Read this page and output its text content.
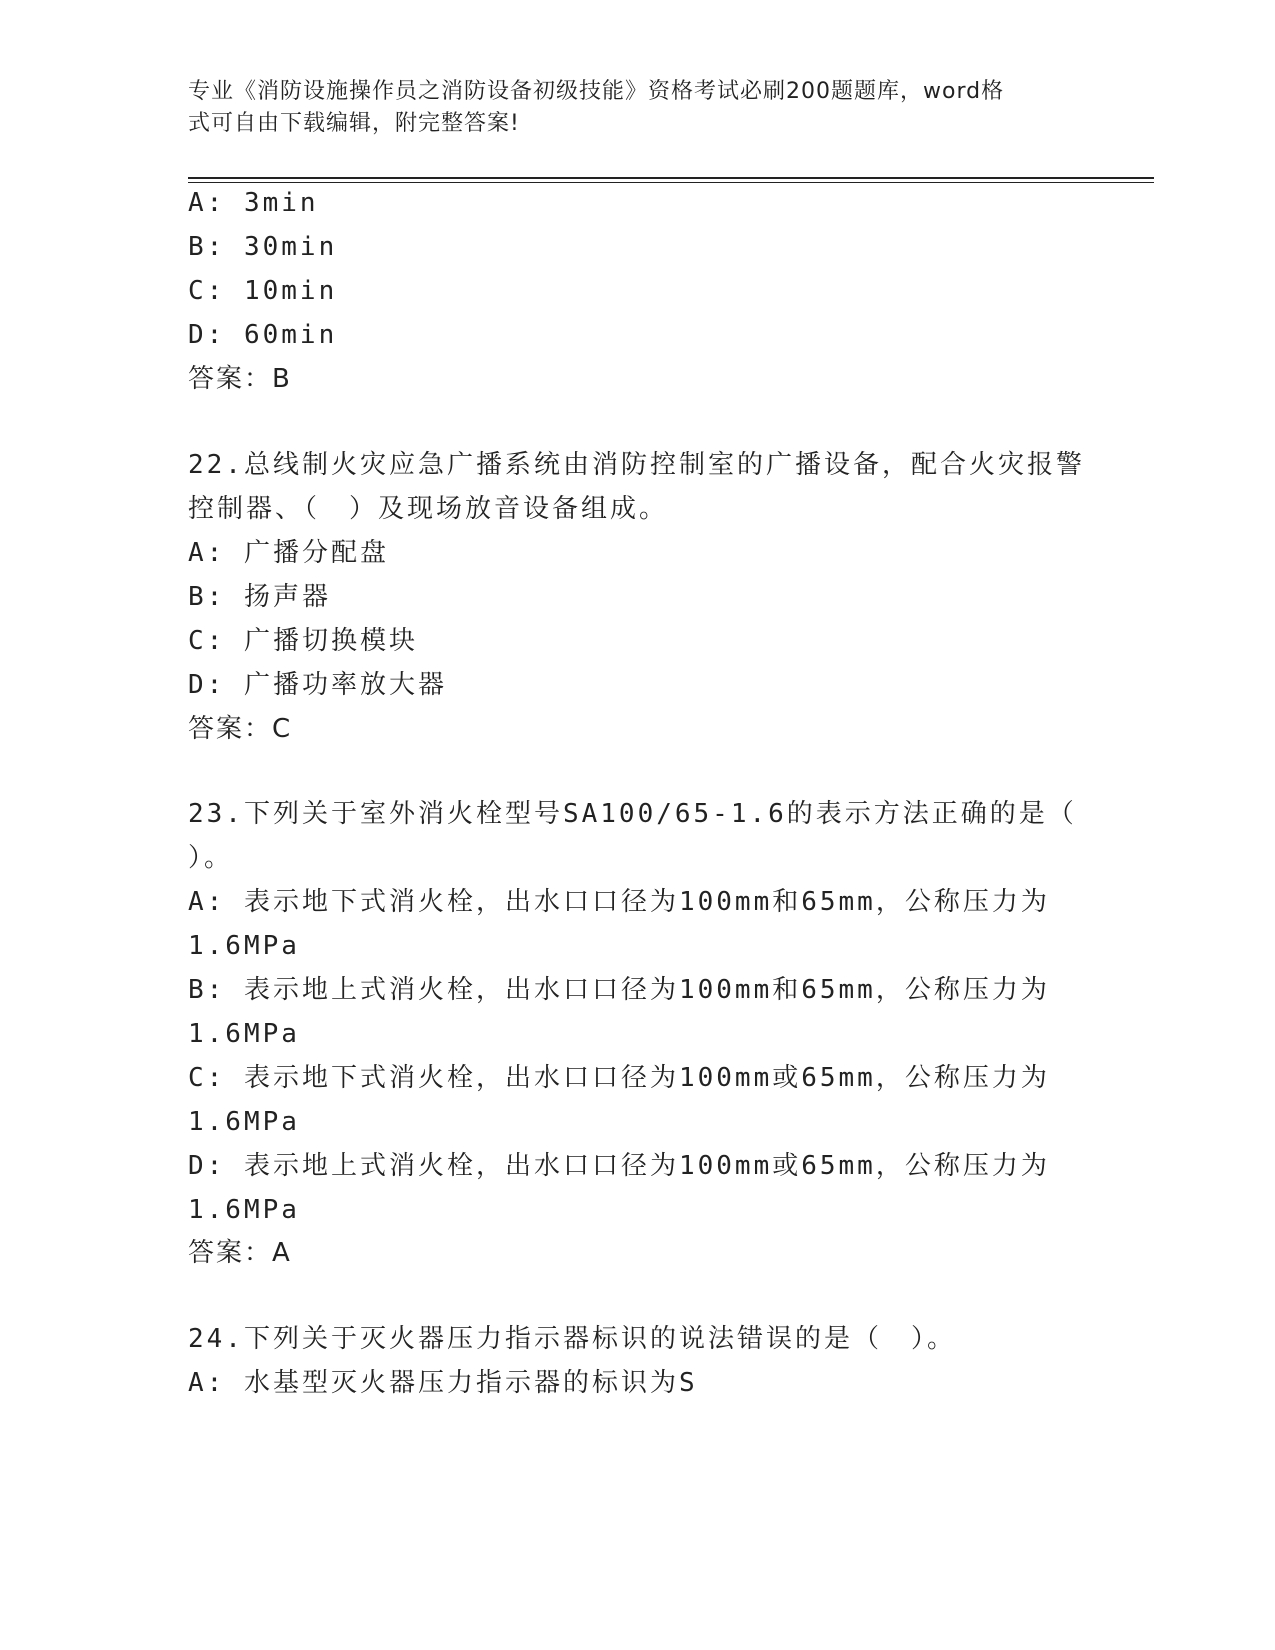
专业《消防设施操作员之消防设备初级技能》资格考试必刷200题题库，word格
式可自由下载编辑，附完整答案!
A: 3min
B: 30min
C: 10min
D: 60min
答案：B
22.总线制火灾应急广播系统由消防控制室的广播设备，配合火灾报警
控制器、（　）及现场放音设备组成。
A: 广播分配盘
B: 扬声器
C: 广播切换模块
D: 广播功率放大器
答案：C
23.下列关于室外消火栓型号SA100/65-1.6的表示方法正确的是（
）。
A: 表示地下式消火栓，出水口口径为100mm和65mm，公称压力为
1.6MPa
B: 表示地上式消火栓，出水口口径为100mm和65mm，公称压力为
1.6MPa
C: 表示地下式消火栓，出水口口径为100mm或65mm，公称压力为
1.6MPa
D: 表示地上式消火栓，出水口口径为100mm或65mm，公称压力为
1.6MPa
答案：A
24.下列关于灭火器压力指示器标识的说法错误的是（　）。
A: 水基型灭火器压力指示器的标识为S
